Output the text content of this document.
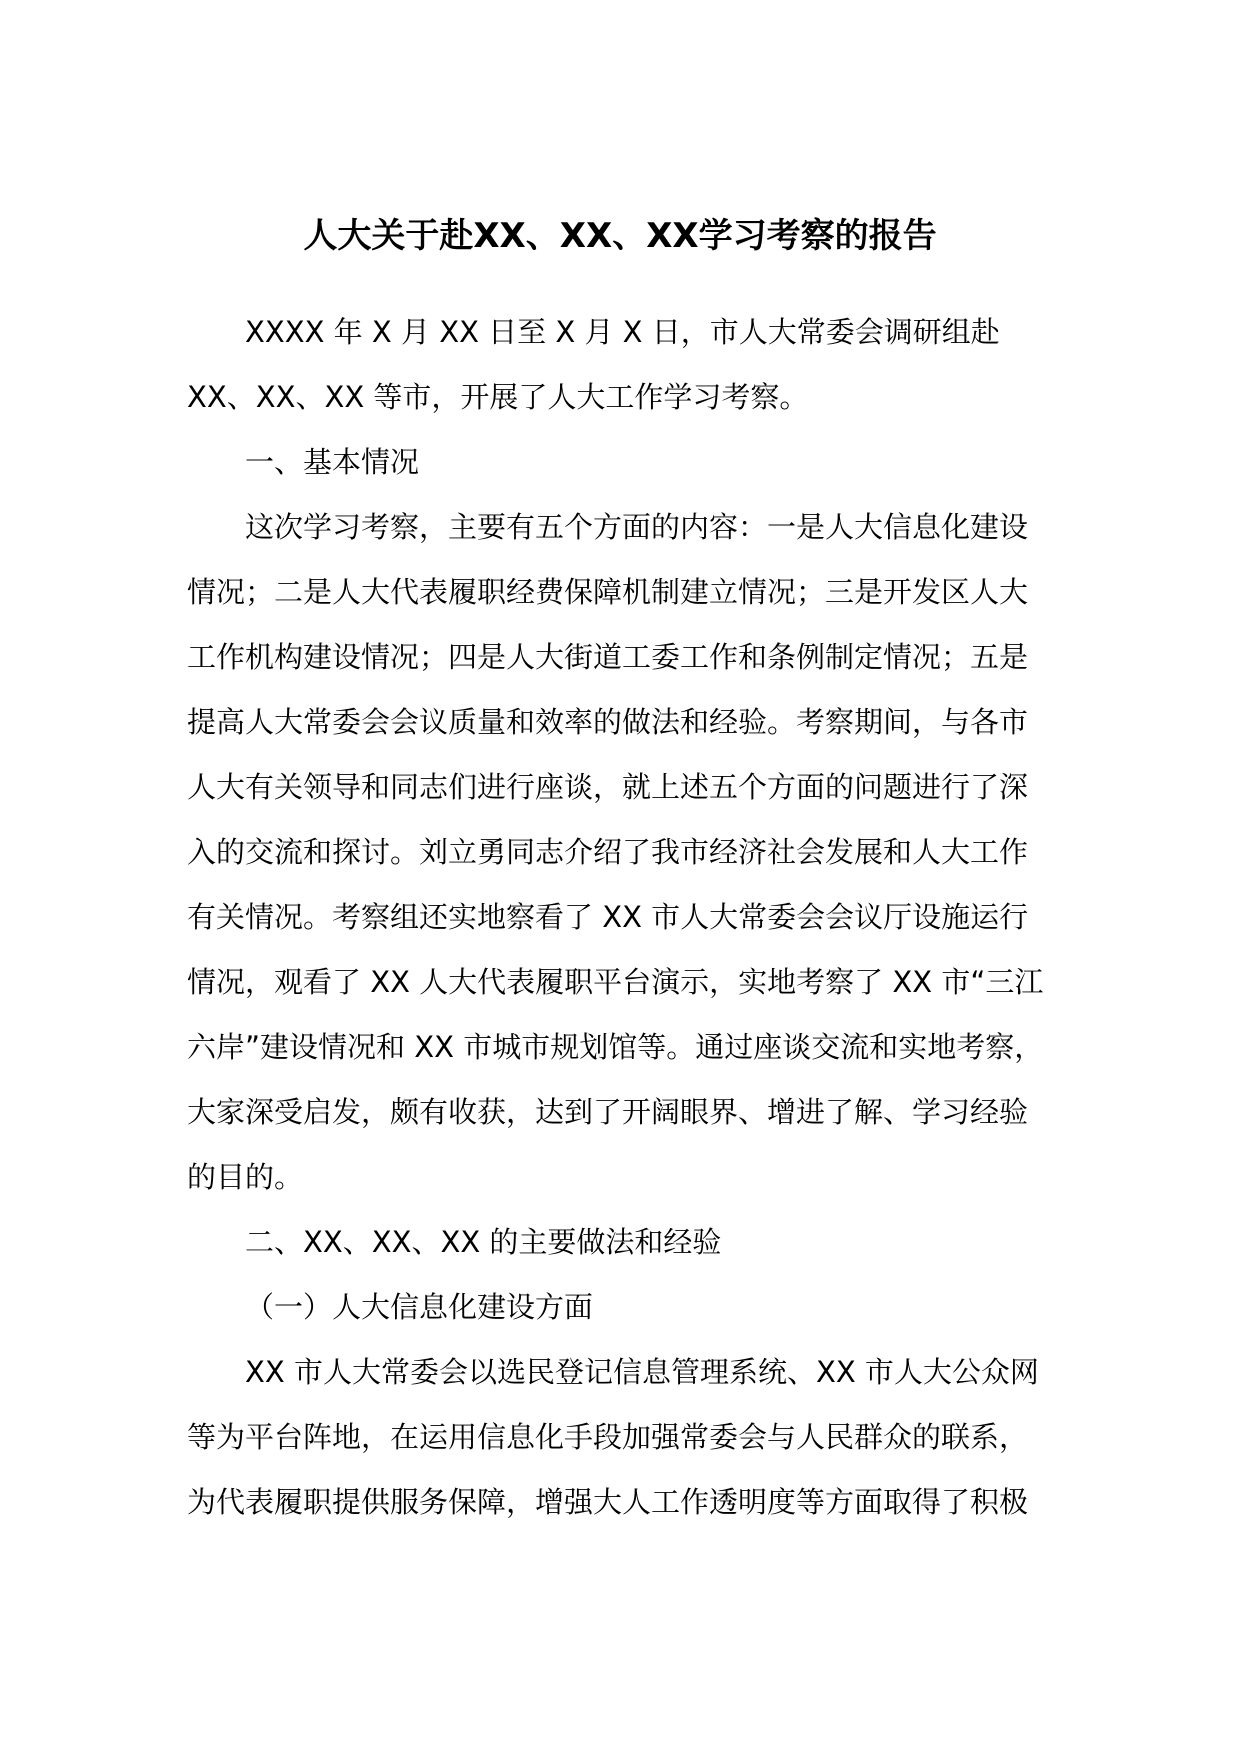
人大关于赴XX、XX、XX学习考察的报告
XXXX 年 X 月 XX 日至 X 月 X 日，市人大常委会调研组赴
XX、XX、XX 等市，开展了人大工作学习考察。
一、基本情况
这次学习考察，主要有五个方面的内容：一是人大信息化建设
情况；二是人大代表履职经费保障机制建立情况；三是开发区人大
工作机构建设情况；四是人大街道工委工作和条例制定情况；五是
提高人大常委会会议质量和效率的做法和经验。考察期间，与各市
人大有关领导和同志们进行座谈，就上述五个方面的问题进行了深
入的交流和探讨。刘立勇同志介绍了我市经济社会发展和人大工作
有关情况。考察组还实地察看了 XX 市人大常委会会议厅设施运行
情况，观看了 XX 人大代表履职平台演示，实地考察了 XX 市“三江
六岸”建设情况和 XX 市城市规划馆等。通过座谈交流和实地考察，
大家深受启发，颇有收获，达到了开阔眼界、增进了解、学习经验
的目的。
二、XX、XX、XX 的主要做法和经验
（一）人大信息化建设方面
XX 市人大常委会以选民登记信息管理系统、XX 市人大公众网
等为平台阵地，在运用信息化手段加强常委会与人民群众的联系，
为代表履职提供服务保障，增强大人工作透明度等方面取得了积极
